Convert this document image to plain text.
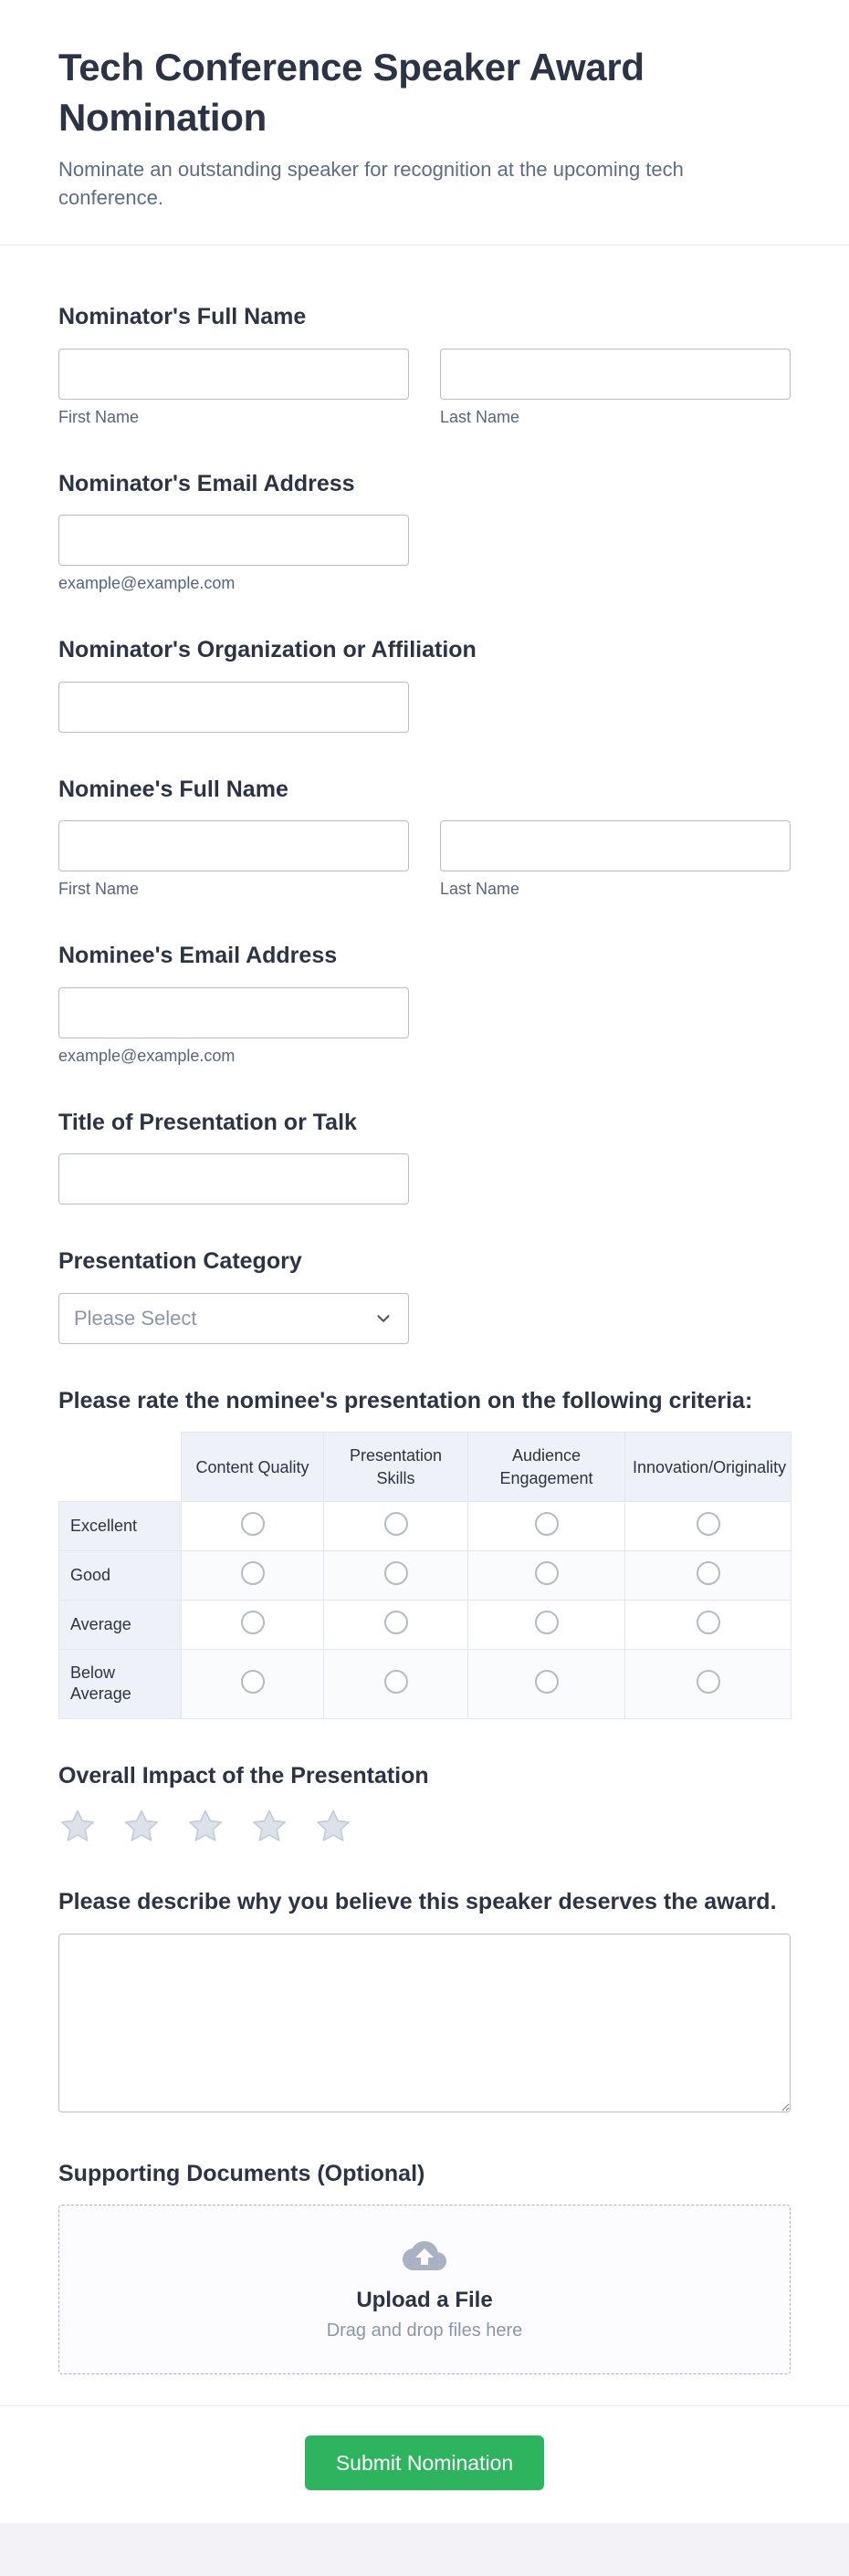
Tech Conference Speaker Award Nomination
Nominate an outstanding speaker for recognition at the upcoming tech conference.
Nominator's Full Name
First Name	Last Name
Nominator's Email Address
example@example.com
Nominator's Organization or Affiliation
Nominee's Full Name
First Name	Last Name
Nominee's Email Address
example@example.com
Title of Presentation or Talk
Presentation Category
Please Select
Please rate the nominee's presentation on the following criteria:
	Content Quality	Presentation Skills	Audience Engagement	Innovation/Originality
Excellent				
Good				
Average				
Below Average				
Overall Impact of the Presentation
Please describe why you believe this speaker deserves the award.
Supporting Documents (Optional)
Upload a File
Drag and drop files here
Submit Nomination
